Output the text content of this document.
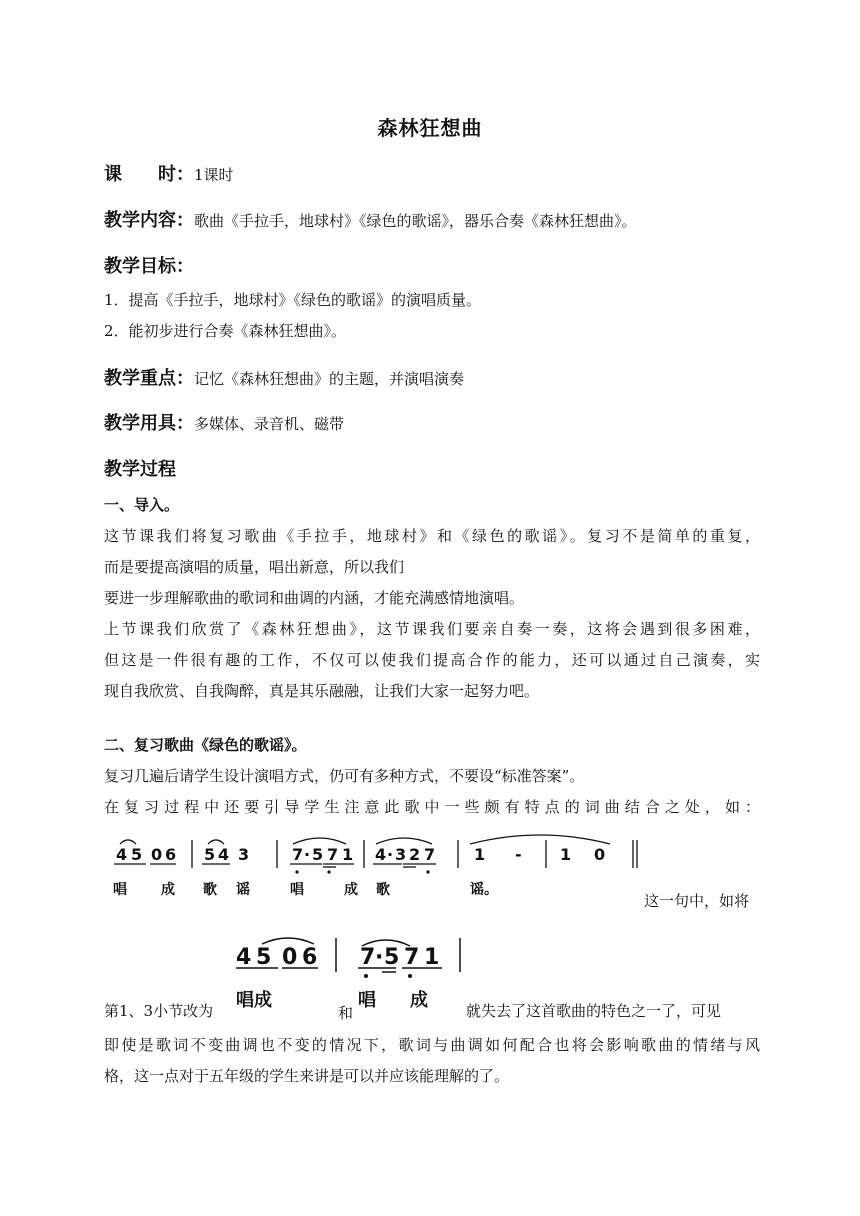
森林狂想曲
课　　时：1课时
教学内容：歌曲《手拉手，地球村》《绿色的歌谣》，器乐合奏《森林狂想曲》。
教学目标：
1．提高《手拉手，地球村》《绿色的歌谣》的演唱质量。
2．能初步进行合奏《森林狂想曲》。
教学重点：记忆《森林狂想曲》的主题，并演唱演奏
教学用具：多媒体、录音机、磁带
教学过程
一、导入。
这节课我们将复习歌曲《手拉手，地球村》和《绿色的歌谣》。复习不是简单的重复，
而是要提高演唱的质量，唱出新意，所以我们
要进一步理解歌曲的歌词和曲调的内涵，才能充满感情地演唱。
上节课我们欣赏了《森林狂想曲》，这节课我们要亲自奏一奏，这将会遇到很多困难，
但这是一件很有趣的工作，不仅可以使我们提高合作的能力，还可以通过自己演奏，实
现自我欣赏、自我陶醉，真是其乐融融，让我们大家一起努力吧。
二、复习歌曲《绿色的歌谣》。
复习几遍后请学生设计演唱方式，仍可有多种方式，不要设“标准答案”。
在复习过程中还要引导学生注意此歌中一些颇有特点的词曲结合之处，如：
4 5 0 6 5 4 3	7 · 5 7 1 4 · 3 2 7 1 - 1 0
唱 成 歌 谣	唱	成 歌	谣。
这一句中，如将
4 5 0 6 7 · 5 7 1
第1、3小节改为 唱成
和
唱 成	就失去了这首歌曲的特色之一了，可见
即使是歌词不变曲调也不变的情况下，歌词与曲调如何配合也将会影响歌曲的情绪与风
格，这一点对于五年级的学生来讲是可以并应该能理解的了。
